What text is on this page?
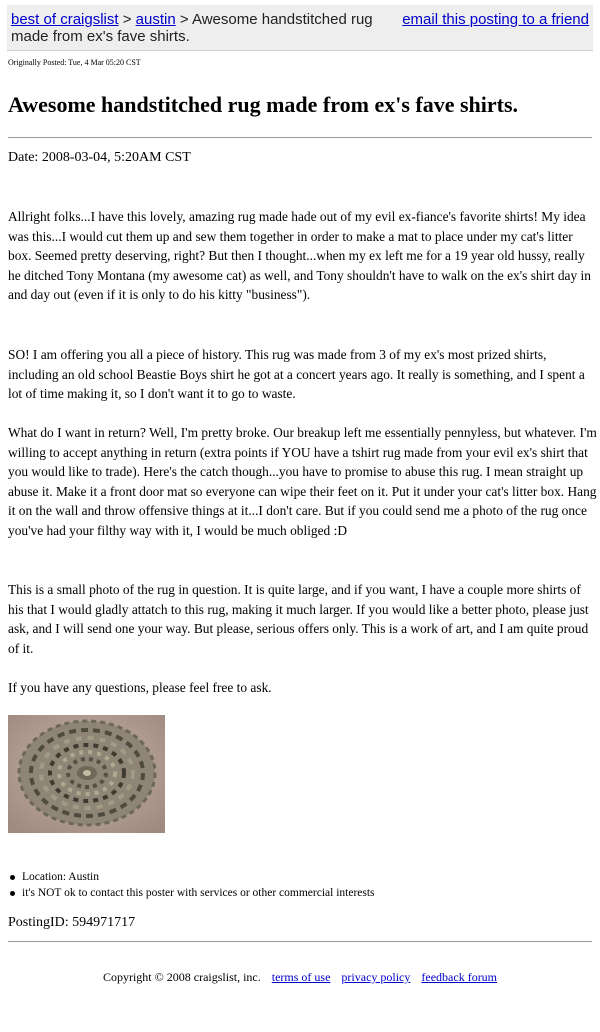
best of craigslist > austin > Awesome handstitched rug made from ex's fave shirts.
email this posting to a friend
Originally Posted: Tue, 4 Mar 05:20 CST
Awesome handstitched rug made from ex's fave shirts.
Date: 2008-03-04, 5:20AM CST

Allright folks...I have this lovely, amazing rug made hade out of my evil ex-fiance's favorite shirts! My idea was this...I would cut them up and sew them together in order to make a mat to place under my cat's litter box. Seemed pretty deserving, right? But then I thought...when my ex left me for a 19 year old hussy, really he ditched Tony Montana (my awesome cat) as well, and Tony shouldn't have to walk on the ex's shirt day in and day out (even if it is only to do his kitty "business").

SO! I am offering you all a piece of history. This rug was made from 3 of my ex's most prized shirts, including an old school Beastie Boys shirt he got at a concert years ago. It really is something, and I spent a lot of time making it, so I don't want it to go to waste.

What do I want in return? Well, I'm pretty broke. Our breakup left me essentially pennyless, but whatever. I'm willing to accept anything in return (extra points if YOU have a tshirt rug made from your evil ex's shirt that you would like to trade). Here's the catch though...you have to promise to abuse this rug. I mean straight up abuse it. Make it a front door mat so everyone can wipe their feet on it. Put it under your cat's litter box. Hang it on the wall and throw offensive things at it...I don't care. But if you could send me a photo of the rug once you've had your filthy way with it, I would be much obliged :D

This is a small photo of the rug in question. It is quite large, and if you want, I have a couple more shirts of his that I would gladly attatch to this rug, making it much larger. If you would like a better photo, please just ask, and I will send one your way. But please, serious offers only. This is a work of art, and I am quite proud of it.

If you have any questions, please feel free to ask.

Location: Austin
it's NOT ok to contact this poster with services or other commercial interests
PostingID: 594971717
Copyright © 2008 craigslist, inc. terms of use privacy policy feedback forum
